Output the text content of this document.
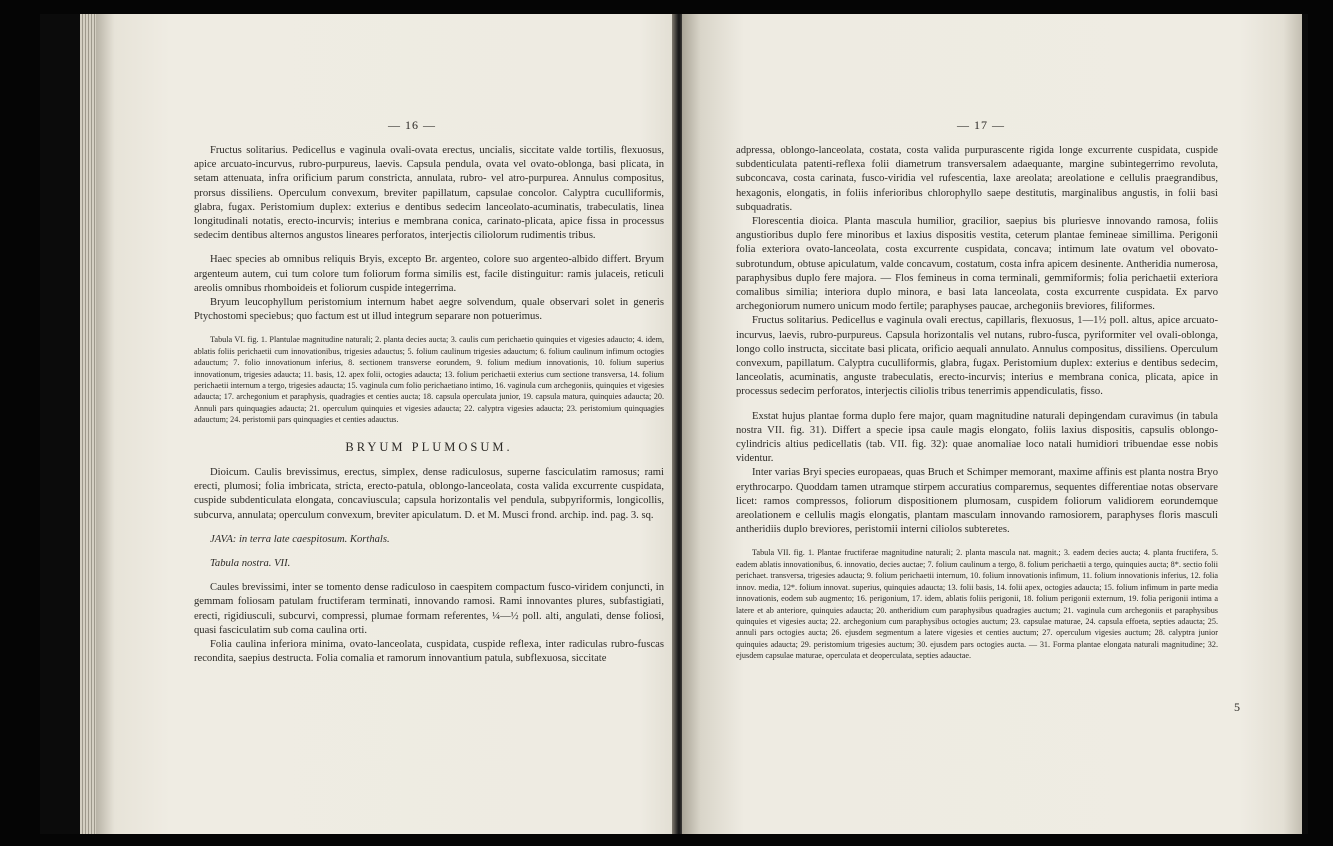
— 16 —

Fructus solitarius. Pedicellus e vaginula ovali-ovata erectus, uncialis, siccitate valde tortilis, flexuosus, apice arcuato-incurvus, rubro-purpureus, laevis. Capsula pendula, ovata vel ovato-oblonga, basi plicata, in setam attenuata, infra orificium parum constricta, annulata, rubro- vel atro-purpurea. Annulus compositus, prorsus dissiliens. Operculum convexum, breviter papillatum, capsulae concolor. Calyptra cuculliformis, glabra, fugax. Peristomium duplex: exterius e dentibus sedecim lanceolato-acuminatis, trabeculatis, linea longitudinali notatis, erecto-incurvis; interius e membrana conica, carinato-plicata, apice fissa in processus sedecim dentibus alternos angustos lineares perforatos, interjectis ciliolorum rudimentis tribus.

Haec species ab omnibus reliquis Bryis, excepto Br. argenteo, colore suo argenteo-albido differt. Bryum argenteum autem, cui tum colore tum foliorum forma similis est, facile distinguitur: ramis julaceis, reticuli areolis omnibus rhomboideis et foliorum cuspide integerrima.

Bryum leucophyllum peristomium internum habet aegre solvendum, quale observari solet in generis Ptychostomi speciebus; quo factum est ut illud integrum separare non potuerimus.

Tabula VI. fig. 1. Plantulae magnitudine naturali; 2. planta decies aucta; 3. caulis cum perichaetio quinquies et vigesies adaucto; 4. idem, ablatis foliis perichaetii cum innovationibus, trigesies adauctus; 5. folium caulinum trigesies adauctum; 6. folium caulinum infimum octogies adauctum; 7. folio innovationum inferius, 8. sectionem transverse eorundem, 9. folium medium innovationis, 10. folium superius innovationum, trigesies adaucta; 11. basis, 12. apex folii, octogies adaucta; 13. folium perichaetii exterius cum sectione transversa, 14. folium perichaetii internum a tergo, trigesies adaucta; 15. vaginula cum folio perichaetiano intimo, 16. vaginula cum archegoniis, quinquies et vigesies adaucta; 17. archegonium et paraphysis, quadragies et centies aucta; 18. capsula operculata junior, 19. capsula matura, quinquies adaucta; 20. Annuli pars quinquagies adaucta; 21. operculum quinquies et vigesies adaucta; 22. calyptra vigesies adaucta; 23. peristomium quinquagies adauctum; 24. peristomii pars quinquagies et centies adauctus.

BRYUM PLUMOSUM.

Dioicum. Caulis brevissimus, erectus, simplex, dense radiculosus, superne fasciculatim ramosus; rami erecti, plumosi; folia imbricata, stricta, erecto-patula, oblongo-lanceolata, costa valida excurrente cuspidata, cuspide subdenticulata elongata, concaviuscula; capsula horizontalis vel pendula, subpyriformis, longicollis, subcurva, annulata; operculum convexum, breviter apiculatum. D. et M. Musci frond. archip. ind. pag. 3. sq.

JAVA: in terra late caespitosum. Korthals.

Tabula nostra. VII.

Caules brevissimi, inter se tomento dense radiculoso in caespitem compactum fusco-viridem conjuncti, in gemmam foliosam patulam fructiferam terminati, innovando ramosi. Rami innovantes plures, subfastigiati, erecti, rigidiusculi, subcurvi, compressi, plumae formam referentes, ¼—½ poll. alti, angulati, dense foliosi, quasi fasciculatim sub coma caulina orti.

Folia caulina inferiora minima, ovato-lanceolata, cuspidata, cuspide reflexa, inter radiculas rubro-fuscas recondita, saepius destructa. Folia comalia et ramorum innovantium patula, subflexuosa, siccitate

— 17 —

adpressa, oblongo-lanceolata, costata, costa valida purpurascente rigida longe excurrente cuspidata, cuspide subdenticulata patenti-reflexa folii diametrum transversalem adaequante, margine subintegerrimo revoluta, subconcava, costa carinata, fusco-viridia vel rufescentia, laxe areolata; areolatione e cellulis praegrandibus, hexagonis, elongatis, in foliis inferioribus chlorophyllo saepe destitutis, marginalibus angustis, in folii basi subquadratis.

Florescentia dioica. Planta mascula humilior, gracilior, saepius bis pluriesve innovando ramosa, foliis angustioribus duplo fere minoribus et laxius dispositis vestita, ceterum plantae femineae simillima. Perigonii folia exteriora ovato-lanceolata, costa excurrente cuspidata, concava; intimum late ovatum vel obovato-subrotundum, obtuse apiculatum, valde concavum, costatum, costa infra apicem desinente. Antheridia numerosa, paraphysibus duplo fere majora. — Flos femineus in coma terminali, gemmiformis; folia perichaetii exteriora comalibus similia; interiora duplo minora, e basi lata lanceolata, costa excurrente cuspidata. Ex parvo archegoniorum numero unicum modo fertile; paraphyses paucae, archegoniis breviores, filiformes.

Fructus solitarius. Pedicellus e vaginula ovali erectus, capillaris, flexuosus, 1—1½ poll. altus, apice arcuato-incurvus, laevis, rubro-purpureus. Capsula horizontalis vel nutans, rubro-fusca, pyriformiter vel ovali-oblonga, longo collo instructa, siccitate basi plicata, orificio aequali annulato. Annulus compositus, dissiliens. Operculum convexum, papillatum. Calyptra cuculliformis, glabra, fugax. Peristomium duplex: exterius e dentibus sedecim, lanceolatis, acuminatis, anguste trabeculatis, erecto-incurvis; interius e membrana conica, plicata, apice in processus sedecim perforatos, interjectis ciliolis tribus tenerrimis appendiculatis, fisso.

Exstat hujus plantae forma duplo fere major, quam magnitudine naturali depingendam curavimus (in tabula nostra VII. fig. 31). Differt a specie ipsa caule magis elongato, foliis laxius dispositis, capsulis oblongo-cylindricis altius pedicellatis (tab. VII. fig. 32): quae anomaliae loco natali humidiori tribuendae esse nobis videntur.

Inter varias Bryi species europaeas, quas Bruch et Schimper memorant, maxime affinis est planta nostra Bryo erythrocarpo. Quoddam tamen utramque stirpem accuratius comparemus, sequentes differentiae notas observare licet: ramos compressos, foliorum dispositionem plumosam, cuspidem foliorum validiorem eorundemque areolationem e cellulis magis elongatis, plantam masculam innovando ramosiorem, paraphyses floris masculi antheridiis duplo breviores, peristomii interni ciliolos subteretes.

Tabula VII. fig. 1. Plantae fructiferae magnitudine naturali; 2. planta mascula nat. magnit.; 3. eadem decies aucta; 4. planta fructifera, 5. eadem ablatis innovationibus, 6. innovatio, decies auctae; 7. folium caulinum a tergo, 8. folium perichaetii a tergo, quinquies aucta; 8*. sectio folii perichaet. transversa, trigesies adaucta; 9. folium perichaetii internum, 10. folium innovationis infimum, 11. folium innovationis inferius, 12. folia innov. media, 12*. folium innovat. superius, quinquies adaucta; 13. folii basis, 14. folii apex, octogies adaucta; 15. folium infimum in parte media innovationis, eodem sub augmento; 16. perigonium, 17. idem, ablatis foliis perigonii, 18. folium perigonii externum, 19. folia perigonii intima a latere et ab anteriore, quinquies adaucta; 20. antheridium cum paraphysibus quadragies auctum; 21. vaginula cum archegoniis et paraphysibus quinquies et vigesies aucta; 22. archegonium cum paraphysibus octogies auctum; 23. capsulae maturae, 24. capsula effoeta, septies adaucta; 25. annuli pars octogies aucta; 26. ejusdem segmentum a latere vigesies et centies auctum; 27. operculum vigesies auctum; 28. calyptra junior quinquies adaucta; 29. peristomium trigesies auctum; 30. ejusdem pars octogies aucta. — 31. Forma plantae elongata naturali magnitudine; 32. ejusdem capsulae maturae, operculata et deoperculata, septies adauctae.

5
